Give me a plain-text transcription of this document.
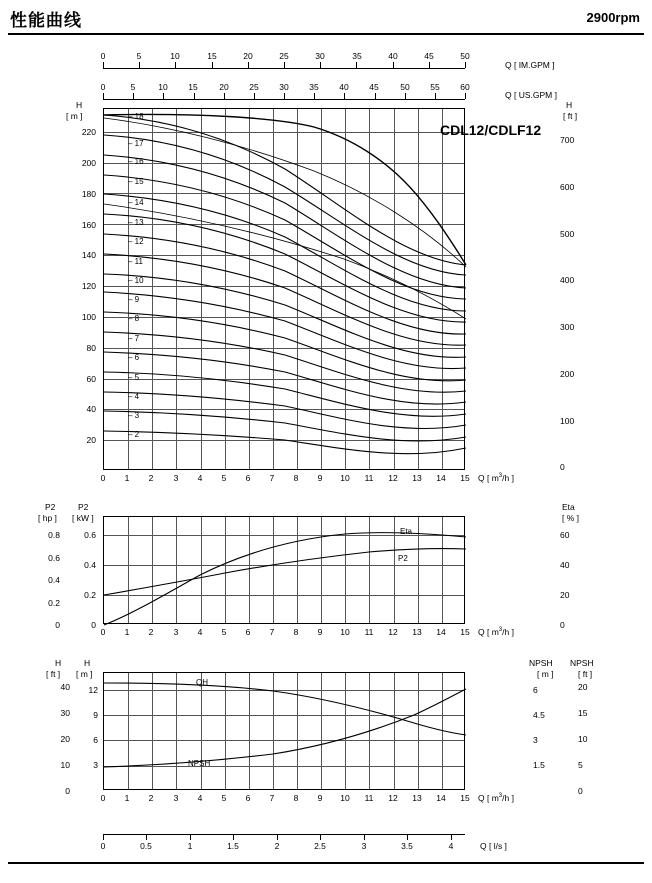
性能曲线	2900rpm
0	5	10	15	20	25	30	35	40	45	50
Q [ IM.GPM ]
0	5	10	15	20	25	30	35	40	45	50	55	60
Q [ US.GPM ]
H
[ m ]
H
[ ft ]
CDL12/CDLF12
– 18
– 17
– 16
– 15
– 14
– 13
– 12
– 11
– 10
– 9
– 8
– 7
– 6
– 5
– 4
– 3
– 2
20
40
60
80
100
120
140
160
180
200
220
0
100
200
300
400
500
600
700
0	1	2	3	4	5	6	7	8	9	10	11	12	13	14	15 Q [ $m^3/h$ ]
P2
[ hp ]
P2
[ kW ]
Eta
[ % ]
Eta
P2
0
0.2
0.4
0.6
0.8
0
0.2
0.4
0.6
0
20
40
60
0	1	2	3	4	5	6	7	8	9	10	11	12	13	14	15 Q [ $m^3/h$ ]
H
[ ft ]
H
[ m ]
NPSH
[ m ]
NPSH
[ ft ]
QH
NPSH
0
10
20
30
40
3
6
9
12
1.5
3
4.5
6
0
5
10
15
20
0	1	2	3	4	5	6	7	8	9	10	11	12	13	14	15 Q [ $m^3/h$ ]
0	0.5	1	1.5	2	2.5	3	3.5	4	Q [ l/s ]
